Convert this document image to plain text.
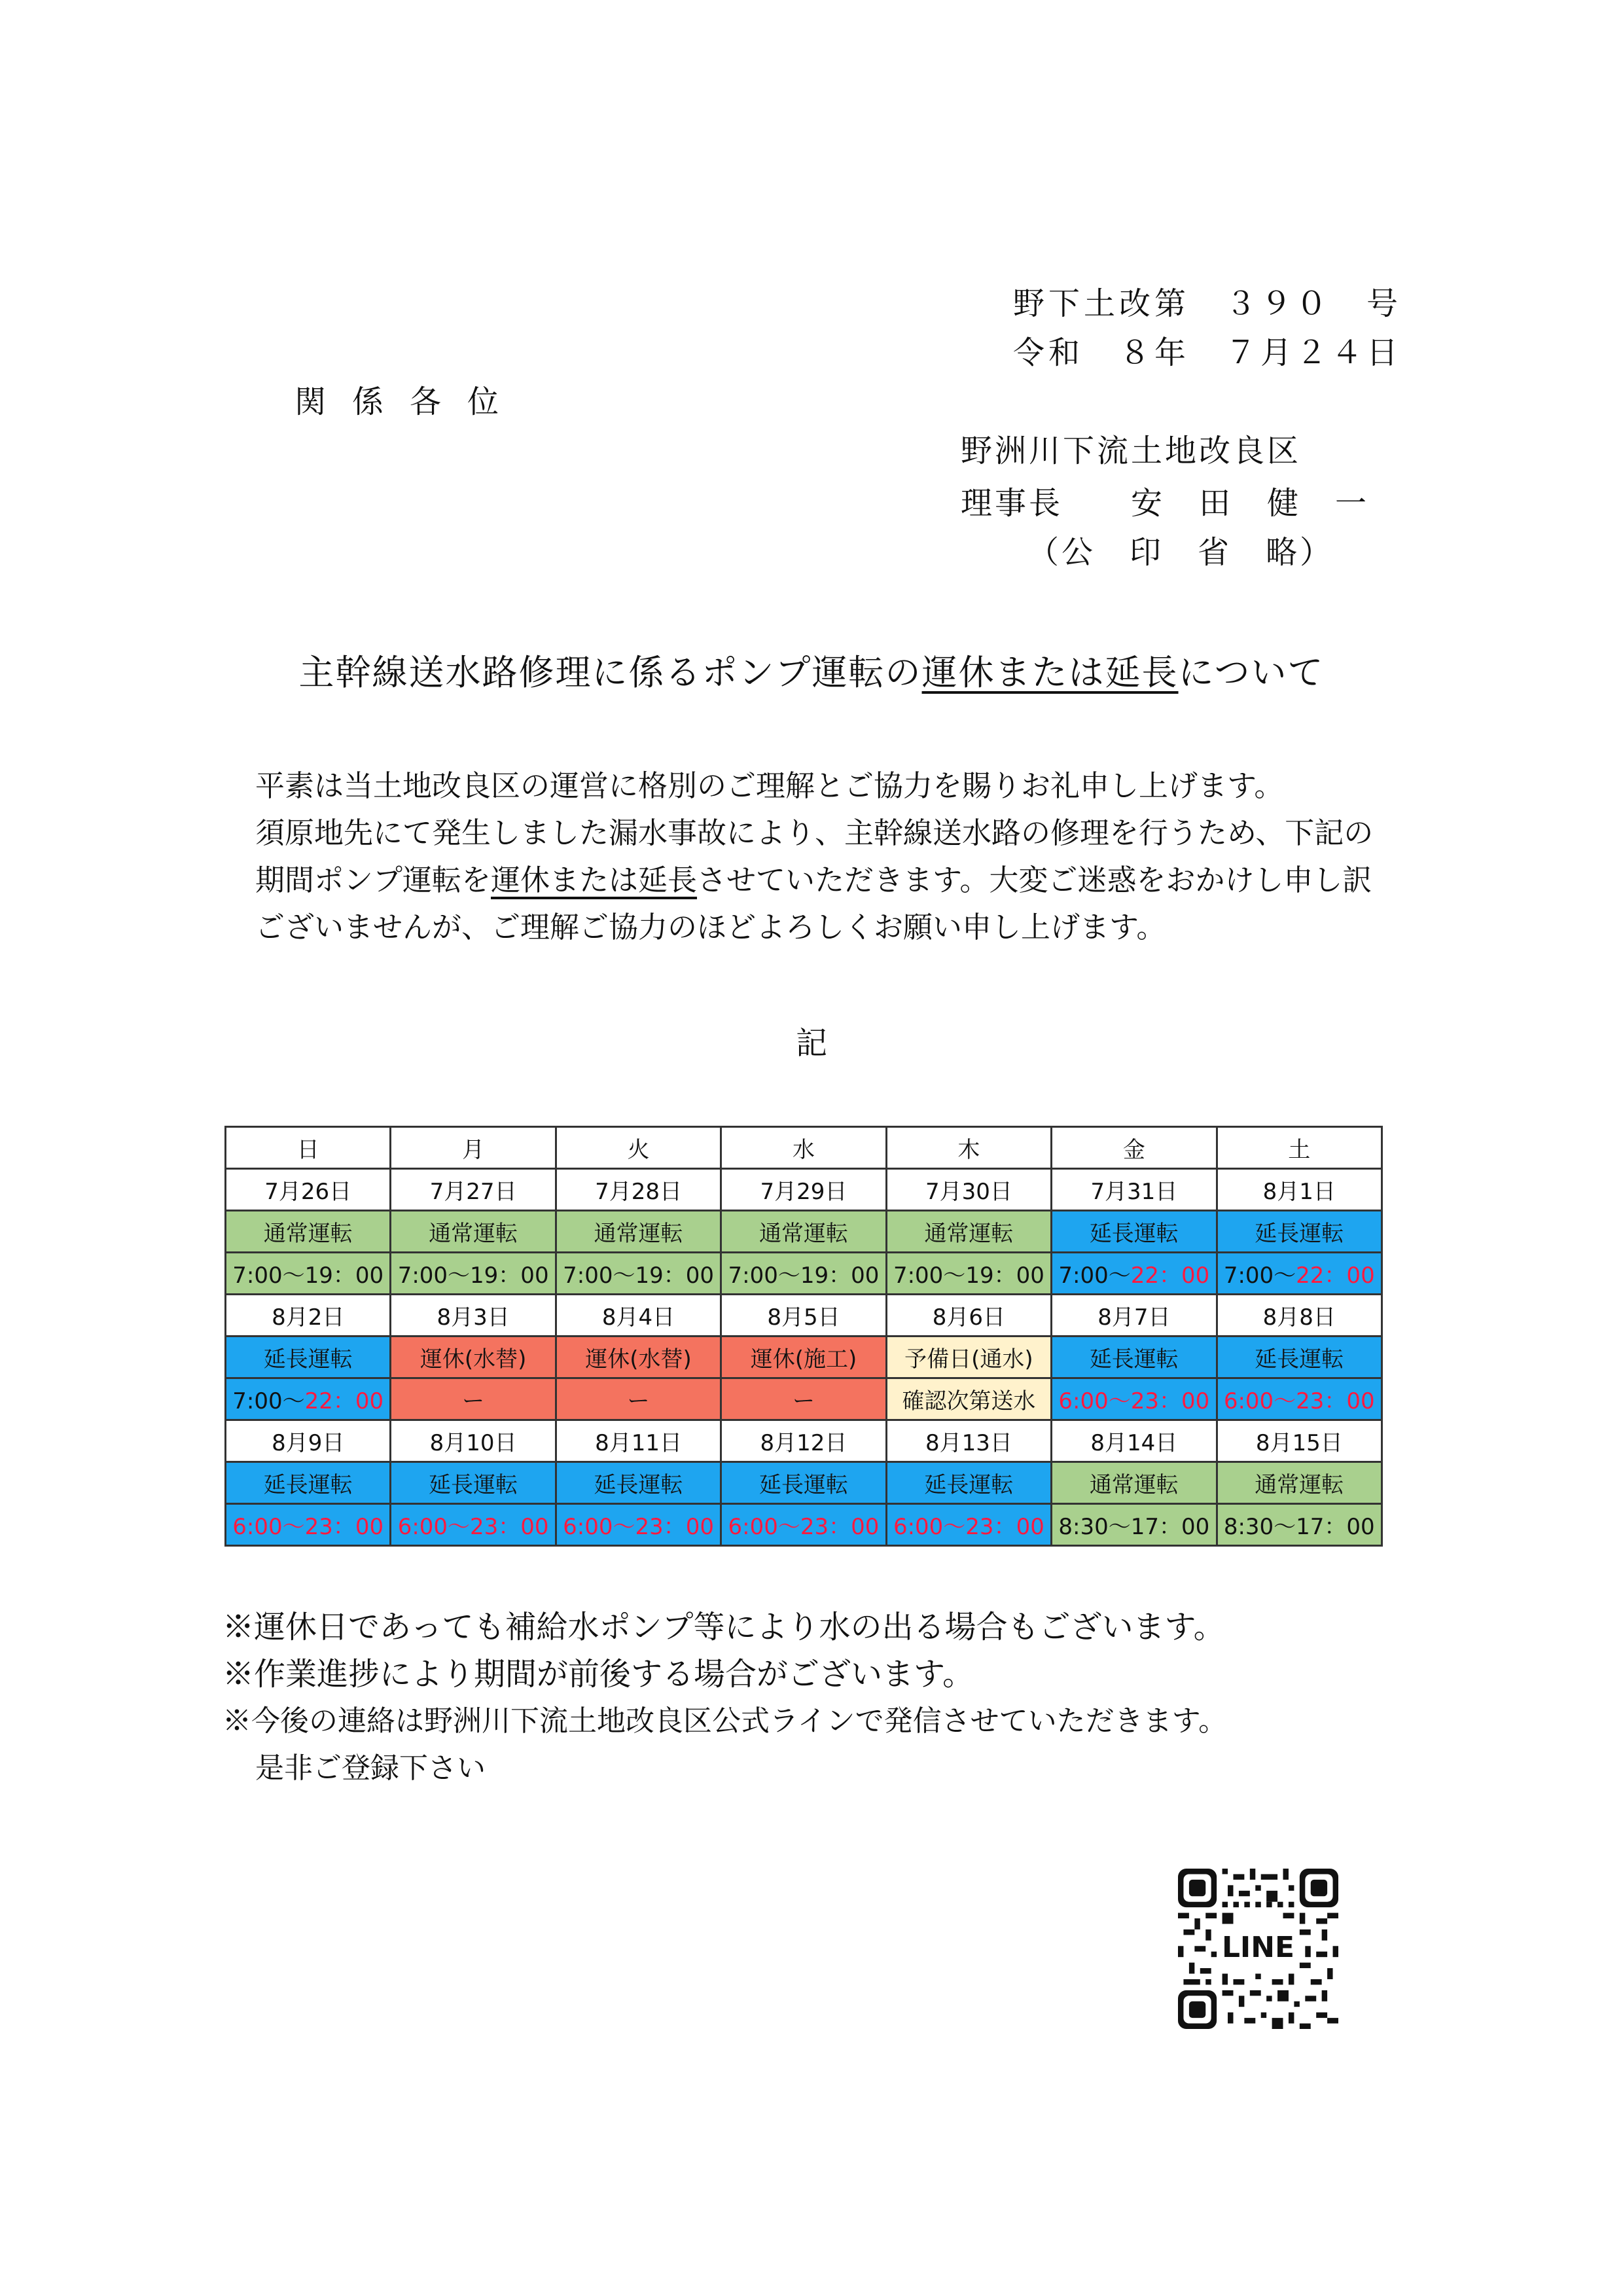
野下土改第　３９０　号
令和　８年　７月２４日
関係各位
野洲川下流土地改良区
理事長　　安　田　健　一
（公　印　省　略）
主幹線送水路修理に係るポンプ運転の運休または延長について

平素は当土地改良区の運営に格別のご理解とご協力を賜りお礼申し上げます。

須原地先にて発生しました漏水事故により、主幹線送水路の修理を行うため、下記の期間ポンプ運転を運休または延長させていただきます。大変ご迷惑をおかけし申し訳ございませんが、ご理解ご協力のほどよろしくお願い申し上げます。

記
日	月	火	水	木	金	土
7月26日	7月27日	7月28日	7月29日	7月30日	7月31日	8月1日
通常運転	通常運転	通常運転	通常運転	通常運転	延長運転	延長運転
7:00～19：00	7:00～19：00	7:00～19：00	7:00～19：00	7:00～19：00	7:00～22：00	7:00～22：00
8月2日	8月3日	8月4日	8月5日	8月6日	8月7日	8月8日
延長運転	運休(水替)	運休(水替)	運休(施工)	予備日(通水)	延長運転	延長運転
7:00～22：00	ー	ー	ー	確認次第送水	6:00～23：00	6:00～23：00
8月9日	8月10日	8月11日	8月12日	8月13日	8月14日	8月15日
延長運転	延長運転	延長運転	延長運転	延長運転	通常運転	通常運転
6:00～23：00	6:00～23：00	6:00～23：00	6:00～23：00	6:00～23：00	8:30～17：00	8:30～17：00

※運休日であっても補給水ポンプ等により水の出る場合もございます。

※作業進捗により期間が前後する場合がございます。

※今後の連絡は野洲川下流土地改良区公式ラインで発信させていただきます。

是非ご登録下さい

LINE
